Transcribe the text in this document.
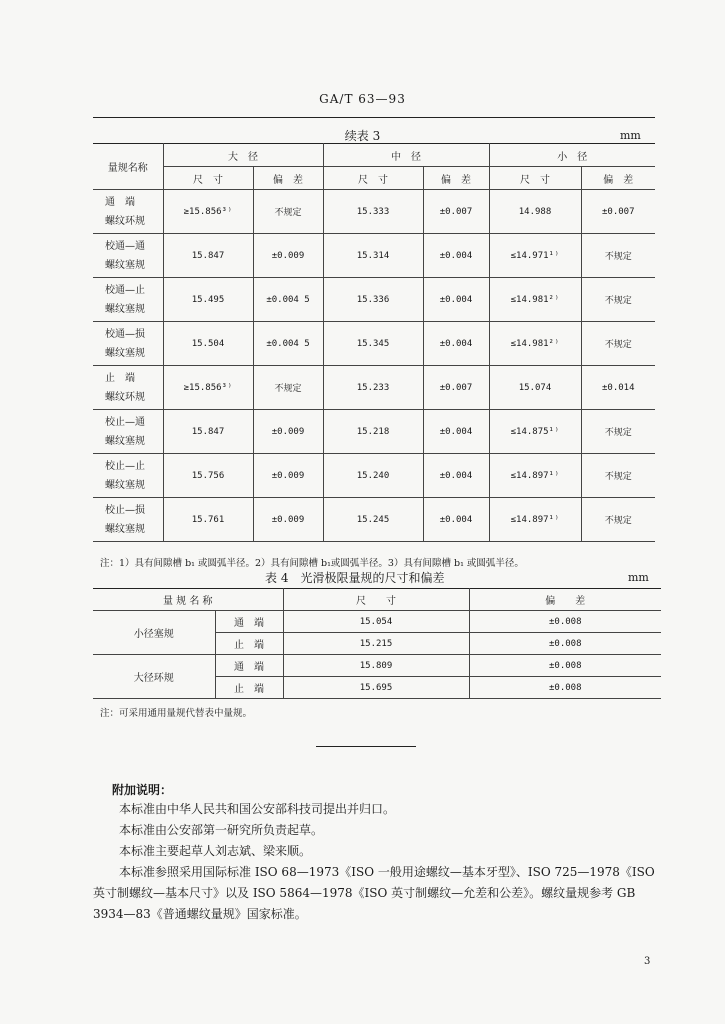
GA/T 63—93
续表 3	mm
量规名称	大　径		中　径		小　径	
	尺　寸	偏　差	尺　寸	偏　差	尺　寸	偏　差

通　端
螺纹环规	≥15.856³⁾	不规定	15.333	±0.007	14.988	±0.007

校通—通
螺纹塞规	15.847	±0.009	15.314	±0.004	≤14.971¹⁾	不规定

校通—止
螺纹塞规	15.495	±0.004 5	15.336	±0.004	≤14.981²⁾	不规定

校通—损
螺纹塞规	15.504	±0.004 5	15.345	±0.004	≤14.981²⁾	不规定

止　端
螺纹环规	≥15.856³⁾	不规定	15.233	±0.007	15.074	±0.014

校止—通
螺纹塞规	15.847	±0.009	15.218	±0.004	≤14.875¹⁾	不规定

校止—止
螺纹塞规	15.756	±0.009	15.240	±0.004	≤14.897¹⁾	不规定

校止—损
螺纹塞规	15.761	±0.009	15.245	±0.004	≤14.897¹⁾	不规定
注：1）具有间隙槽 b₁ 或圆弧半径。2）具有间隙槽 b₁或圆弧半径。3）具有间隙槽 b₁ 或圆弧半径。
表 4　光滑极限量规的尺寸和偏差	mm
量 规 名 称		尺　　寸	偏　　差
小径塞规	通　端	15.054	±0.008
	止　端	15.215	±0.008
大径环规	通　端	15.809	±0.008
	止　端	15.695	±0.008
注：可采用通用量规代替表中量规。
附加说明：

本标准由中华人民共和国公安部科技司提出并归口。

本标准由公安部第一研究所负责起草。

本标准主要起草人刘志斌、梁来顺。

本标准参照采用国际标准 ISO 68—1973《ISO 一般用途螺纹—基本牙型》、ISO 725—1978《ISO 英寸制螺纹—基本尺寸》以及 ISO 5864—1978《ISO 英寸制螺纹—允差和公差》。螺纹量规参考 GB 3934—83《普通螺纹量规》国家标准。

3
